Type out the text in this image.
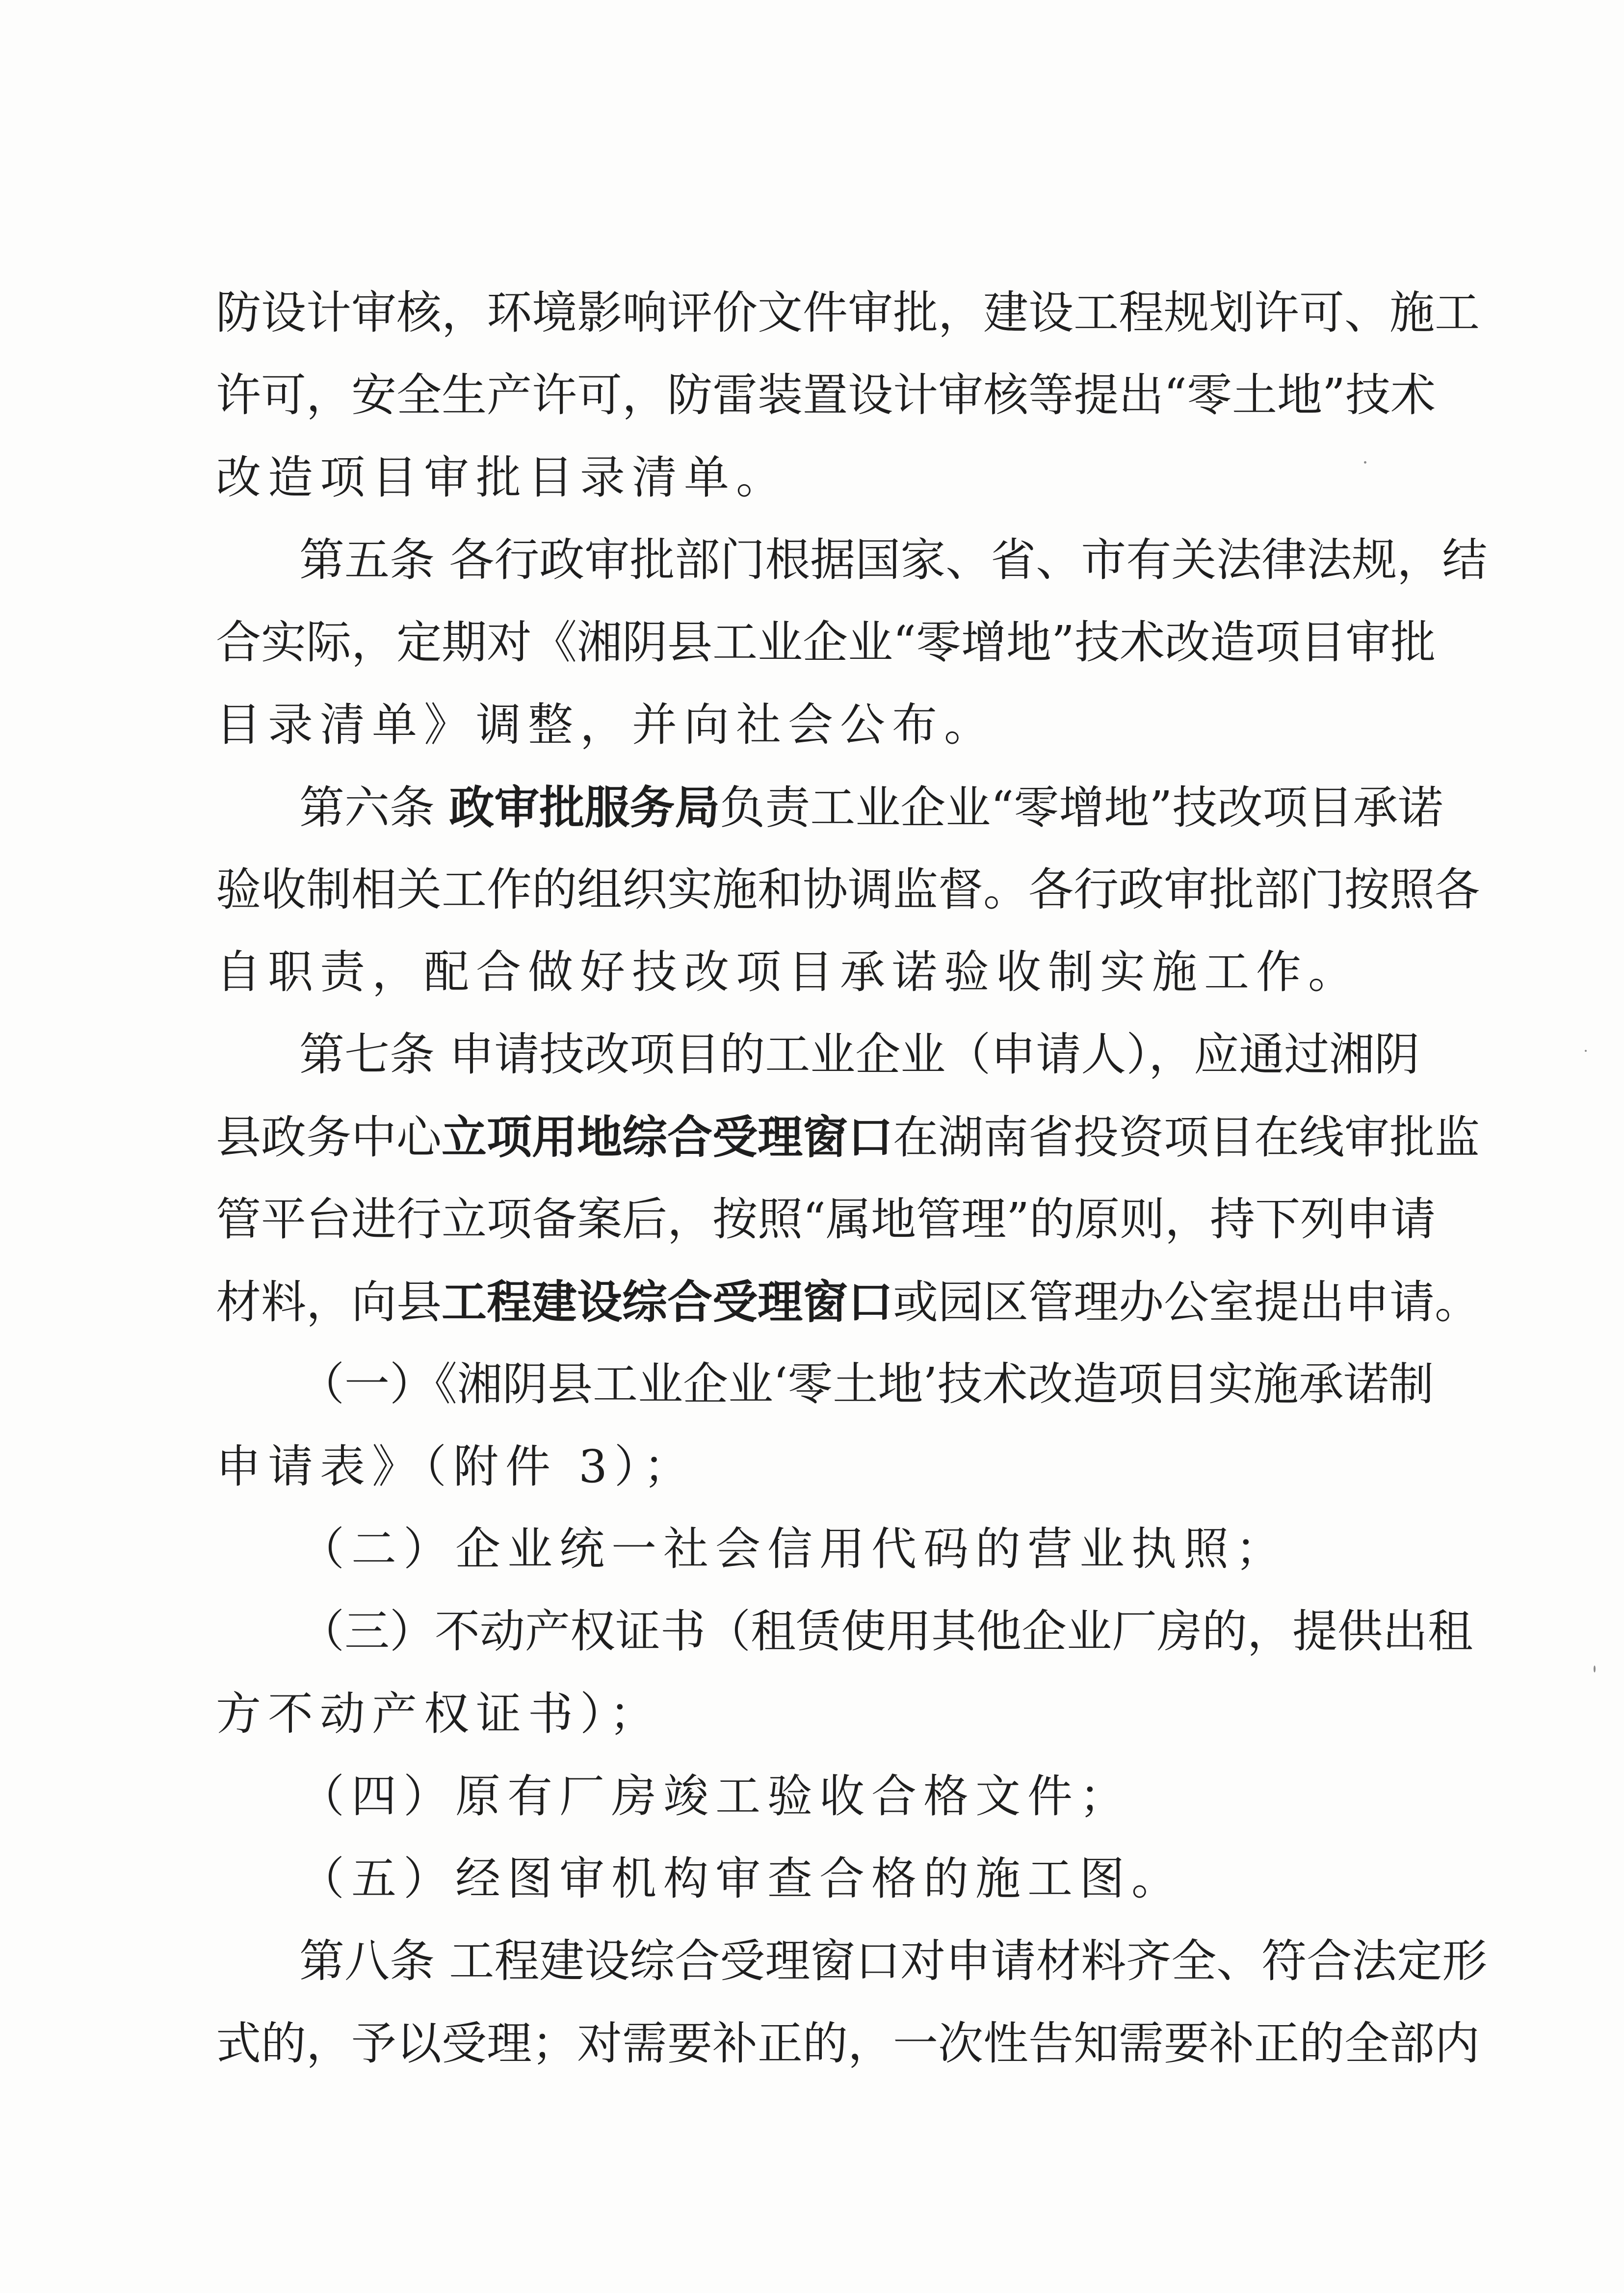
防设计审核，环境影响评价文件审批，建设工程规划许可、施工
许可，安全生产许可，防雷装置设计审核等提出“零土地”技术
改造项目审批目录清单。
第五条 各行政审批部门根据国家、省、市有关法律法规，结
合实际，定期对《湘阴县工业企业“零增地”技术改造项目审批
目录清单》调整，并向社会公布。
第六条 政审批服务局负责工业企业“零增地”技改项目承诺
验收制相关工作的组织实施和协调监督。各行政审批部门按照各
自职责，配合做好技改项目承诺验收制实施工作。
第七条 申请技改项目的工业企业（申请人），应通过湘阴
县政务中心立项用地综合受理窗口在湖南省投资项目在线审批监
管平台进行立项备案后，按照“属地管理”的原则，持下列申请
材料，向县工程建设综合受理窗口或园区管理办公室提出申请。
（一）《湘阴县工业企业‘零土地’技术改造项目实施承诺制
申请表》（附件 3）；
（二）企业统一社会信用代码的营业执照；
（三）不动产权证书（租赁使用其他企业厂房的，提供出租
方不动产权证书）；
（四）原有厂房竣工验收合格文件；
（五）经图审机构审查合格的施工图。
第八条 工程建设综合受理窗口对申请材料齐全、符合法定形
式的，予以受理；对需要补正的，一次性告知需要补正的全部内
